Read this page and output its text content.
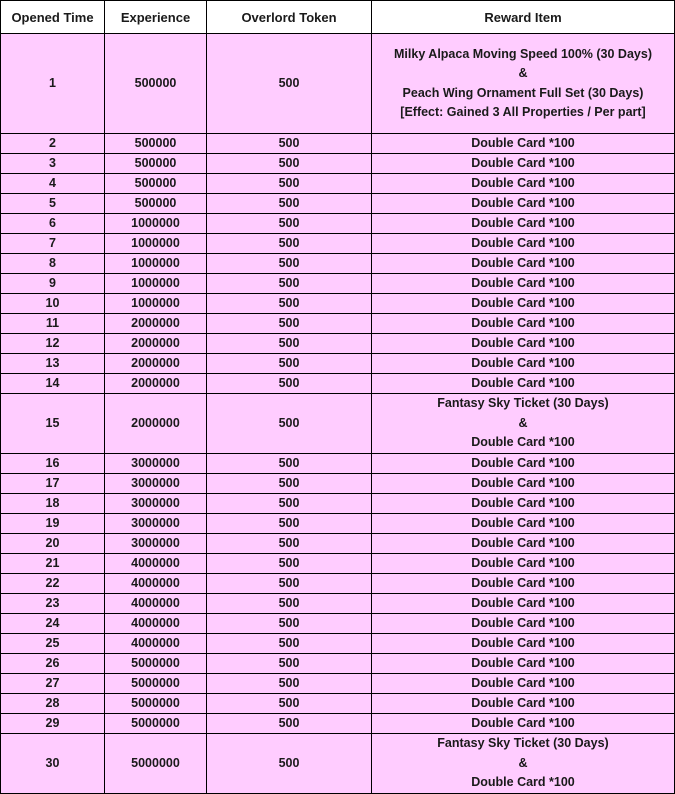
Opened Time	Experience	Overlord Token	Reward Item
1	500000	500	Milky Alpaca Moving Speed 100% (30 Days)
&
Peach Wing Ornament Full Set (30 Days)
[Effect: Gained 3 All Properties / Per part]

2	500000	500	Double Card *100

3	500000	500	Double Card *100

4	500000	500	Double Card *100

5	500000	500	Double Card *100

6	1000000	500	Double Card *100

7	1000000	500	Double Card *100

8	1000000	500	Double Card *100

9	1000000	500	Double Card *100

10	1000000	500	Double Card *100

11	2000000	500	Double Card *100

12	2000000	500	Double Card *100

13	2000000	500	Double Card *100

14	2000000	500	Double Card *100

15	2000000	500	Fantasy Sky Ticket (30 Days)
&
Double Card *100

16	3000000	500	Double Card *100

17	3000000	500	Double Card *100

18	3000000	500	Double Card *100

19	3000000	500	Double Card *100

20	3000000	500	Double Card *100

21	4000000	500	Double Card *100

22	4000000	500	Double Card *100

23	4000000	500	Double Card *100

24	4000000	500	Double Card *100

25	4000000	500	Double Card *100

26	5000000	500	Double Card *100

27	5000000	500	Double Card *100

28	5000000	500	Double Card *100

29	5000000	500	Double Card *100

30	5000000	500	Fantasy Sky Ticket (30 Days)
&
Double Card *100
